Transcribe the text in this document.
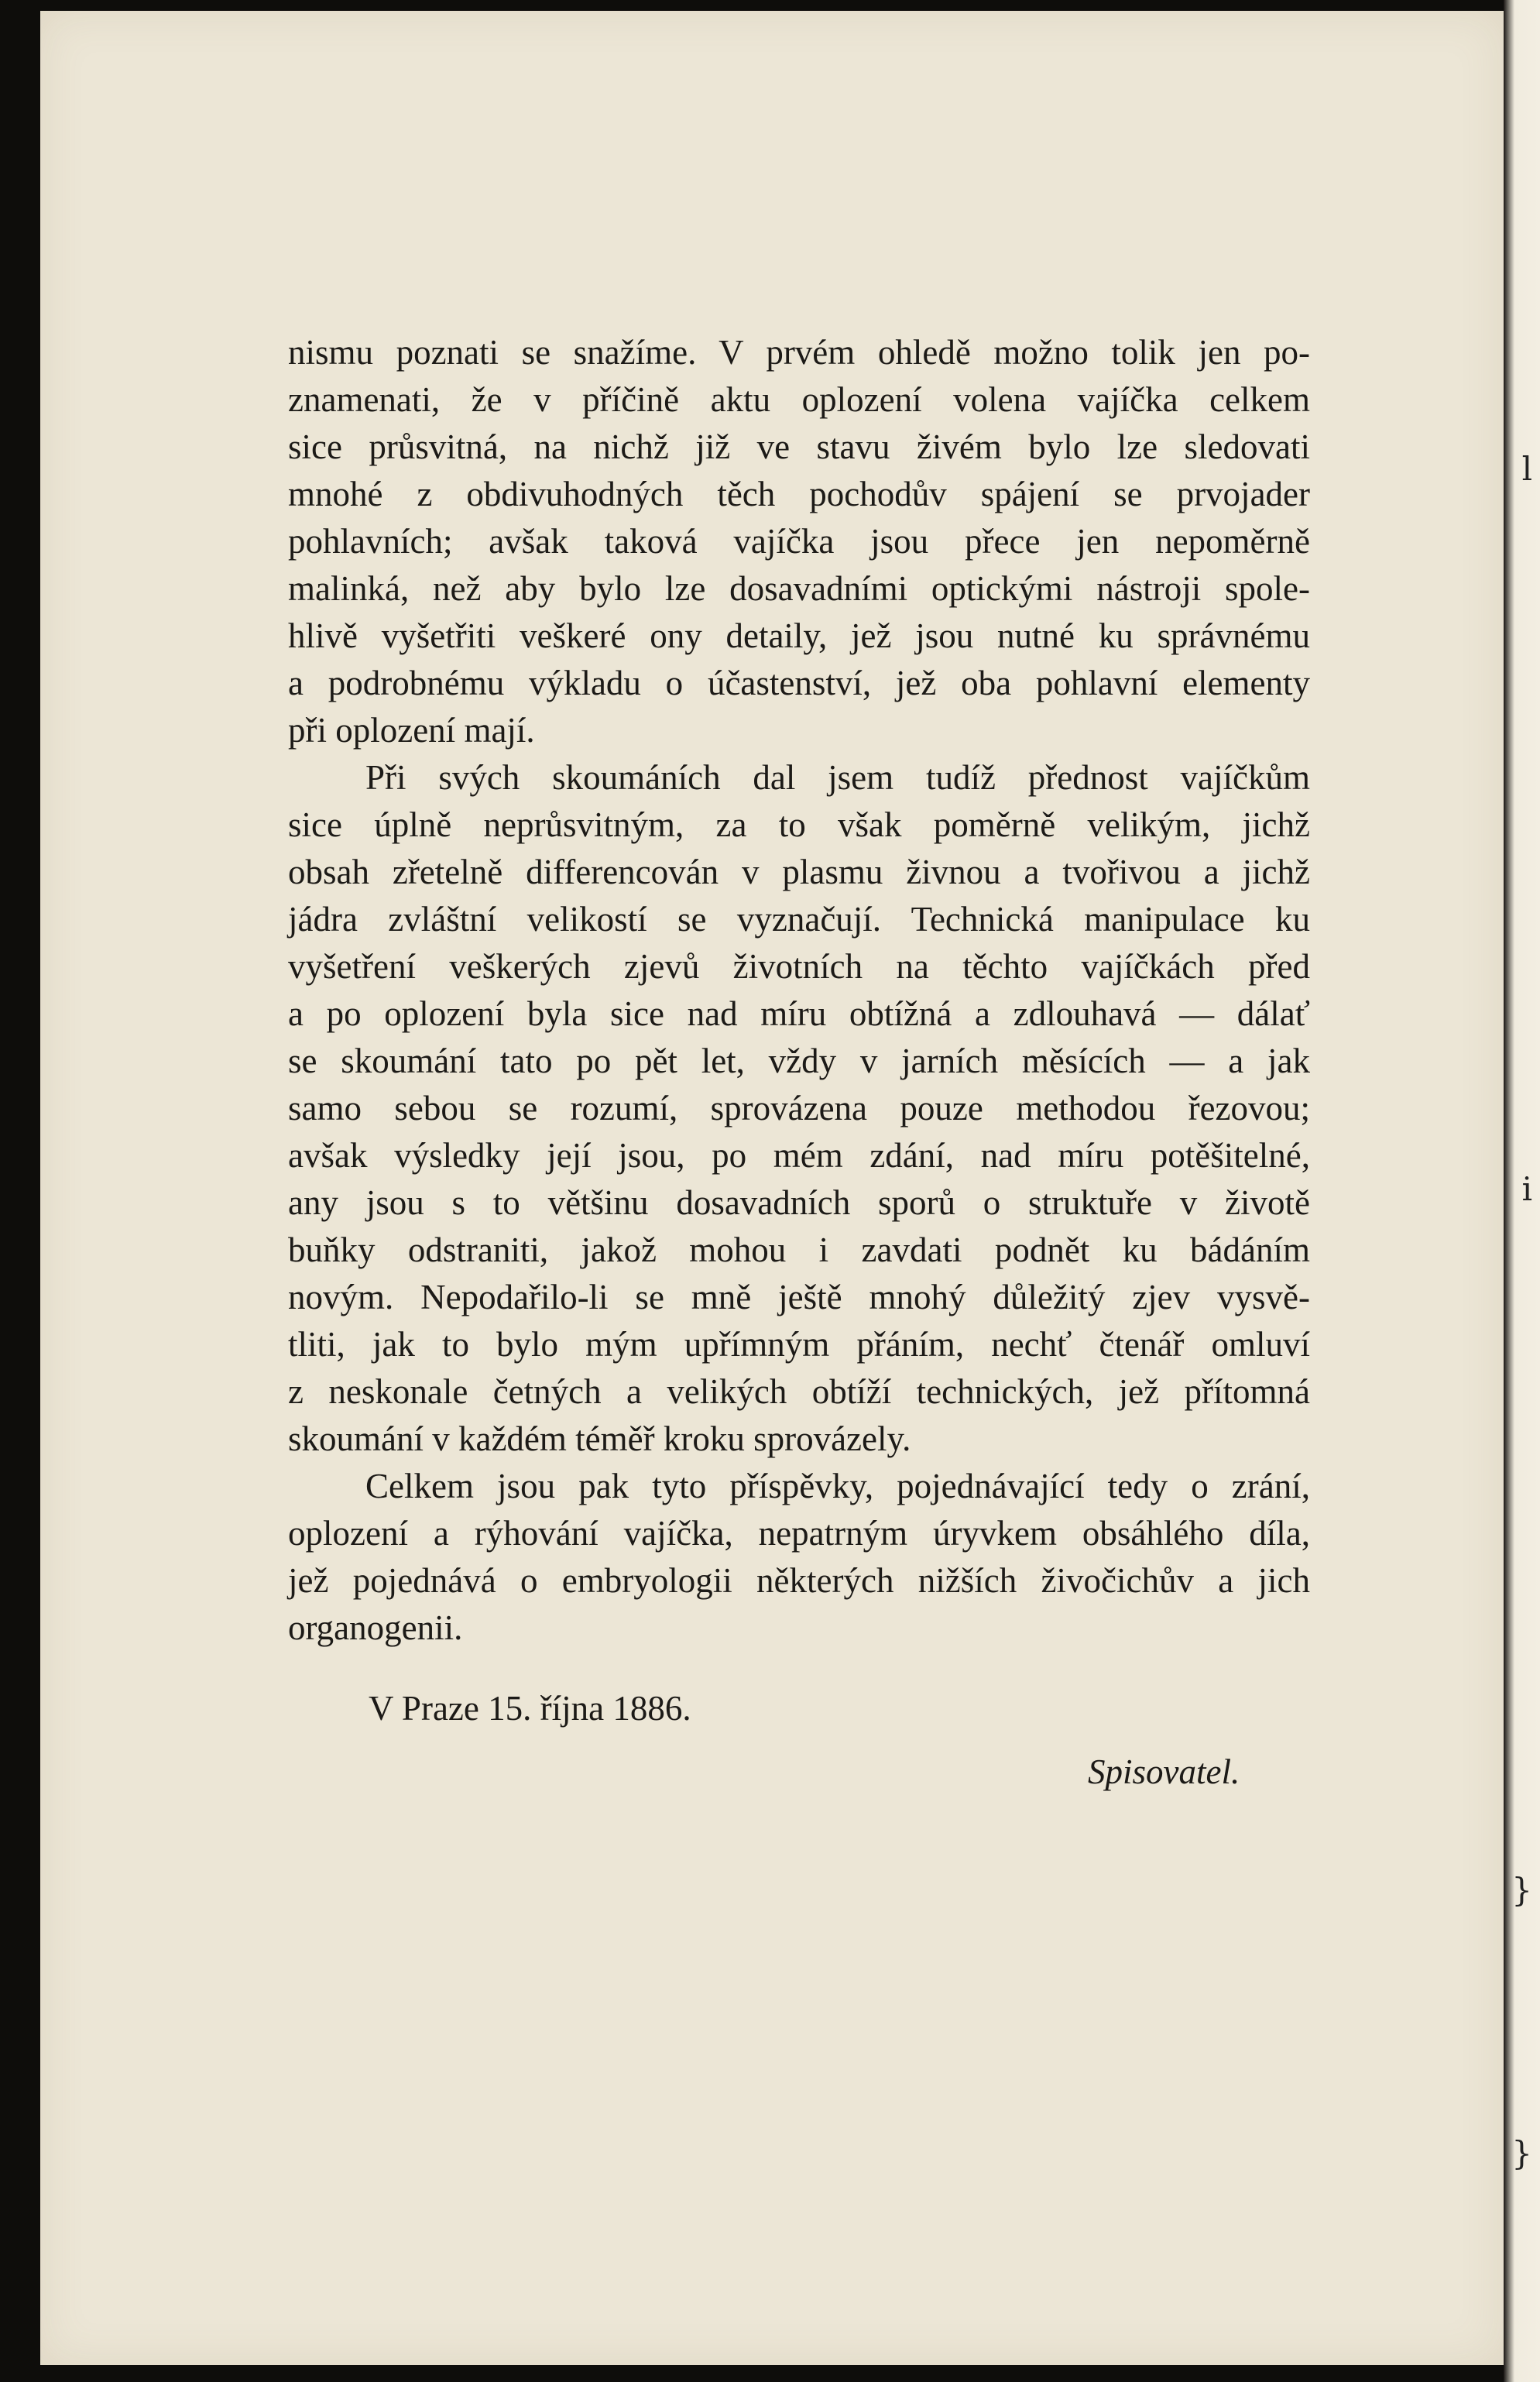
l
i
}
}
nismu poznati se snažíme. V prvém ohledě možno tolik jen po-
znamenati, že v příčině aktu oplození volena vajíčka celkem
sice průsvitná, na nichž již ve stavu živém bylo lze sledovati
mnohé z obdivuhodných těch pochodův spájení se prvojader
pohlavních; avšak taková vajíčka jsou přece jen nepoměrně
malinká, než aby bylo lze dosavadními optickými nástroji spole-
hlivě vyšetřiti veškeré ony detaily, jež jsou nutné ku správnému
a podrobnému výkladu o účastenství, jež oba pohlavní elementy
při oplození mají.
Při svých skoumáních dal jsem tudíž přednost vajíčkům
sice úplně neprůsvitným, za to však poměrně velikým, jichž
obsah zřetelně differencován v plasmu živnou a tvořivou a jichž
jádra zvláštní velikostí se vyznačují. Technická manipulace ku
vyšetření veškerých zjevů životních na těchto vajíčkách před
a po oplození byla sice nad míru obtížná a zdlouhavá — dálať
se skoumání tato po pět let, vždy v jarních měsících — a jak
samo sebou se rozumí, sprovázena pouze methodou řezovou;
avšak výsledky její jsou, po mém zdání, nad míru potěšitelné,
any jsou s to většinu dosavadních sporů o struktuře v životě
buňky odstraniti, jakož mohou i zavdati podnět ku bádáním
novým. Nepodařilo-li se mně ještě mnohý důležitý zjev vysvě-
tliti, jak to bylo mým upřímným přáním, nechť čtenář omluví
z neskonale četných a velikých obtíží technických, jež přítomná
skoumání v každém téměř kroku sprovázely.
Celkem jsou pak tyto příspěvky, pojednávající tedy o zrání,
oplození a rýhování vajíčka, nepatrným úryvkem obsáhlého díla,
jež pojednává o embryologii některých nižších živočichův a jich
organogenii.
V Praze 15. října 1886.
Spisovatel.
